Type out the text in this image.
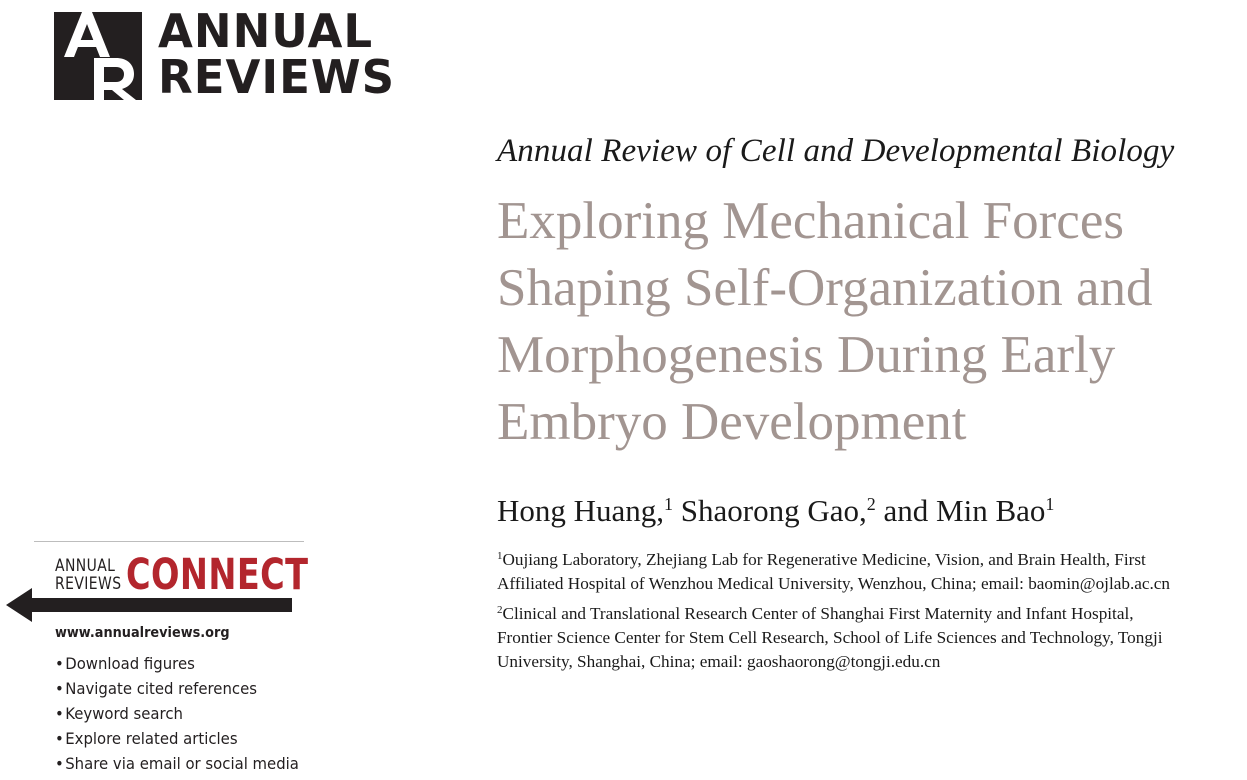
ANNUAL
REVIEWS
Annual Review of Cell and Developmental Biology
Exploring Mechanical Forces
Shaping Self-Organization and
Morphogenesis During Early
Embryo Development
Hong Huang,$^1$ Shaorong Gao,$^2$ and Min Bao$^1$
$^1$Oujiang Laboratory, Zhejiang Lab for Regenerative Medicine, Vision, and Brain Health, First
Affiliated Hospital of Wenzhou Medical University, Wenzhou, China; email: baomin@ojlab.ac.cn
$^2$Clinical and Translational Research Center of Shanghai First Maternity and Infant Hospital,
Frontier Science Center for Stem Cell Research, School of Life Sciences and Technology, Tongji
University, Shanghai, China; email: gaoshaorong@tongji.edu.cn
ANNUAL
REVIEWS CONNECT
www.annualreviews.org
•Download figures
•Navigate cited references
•Keyword search
•Explore related articles
•Share via email or social media
